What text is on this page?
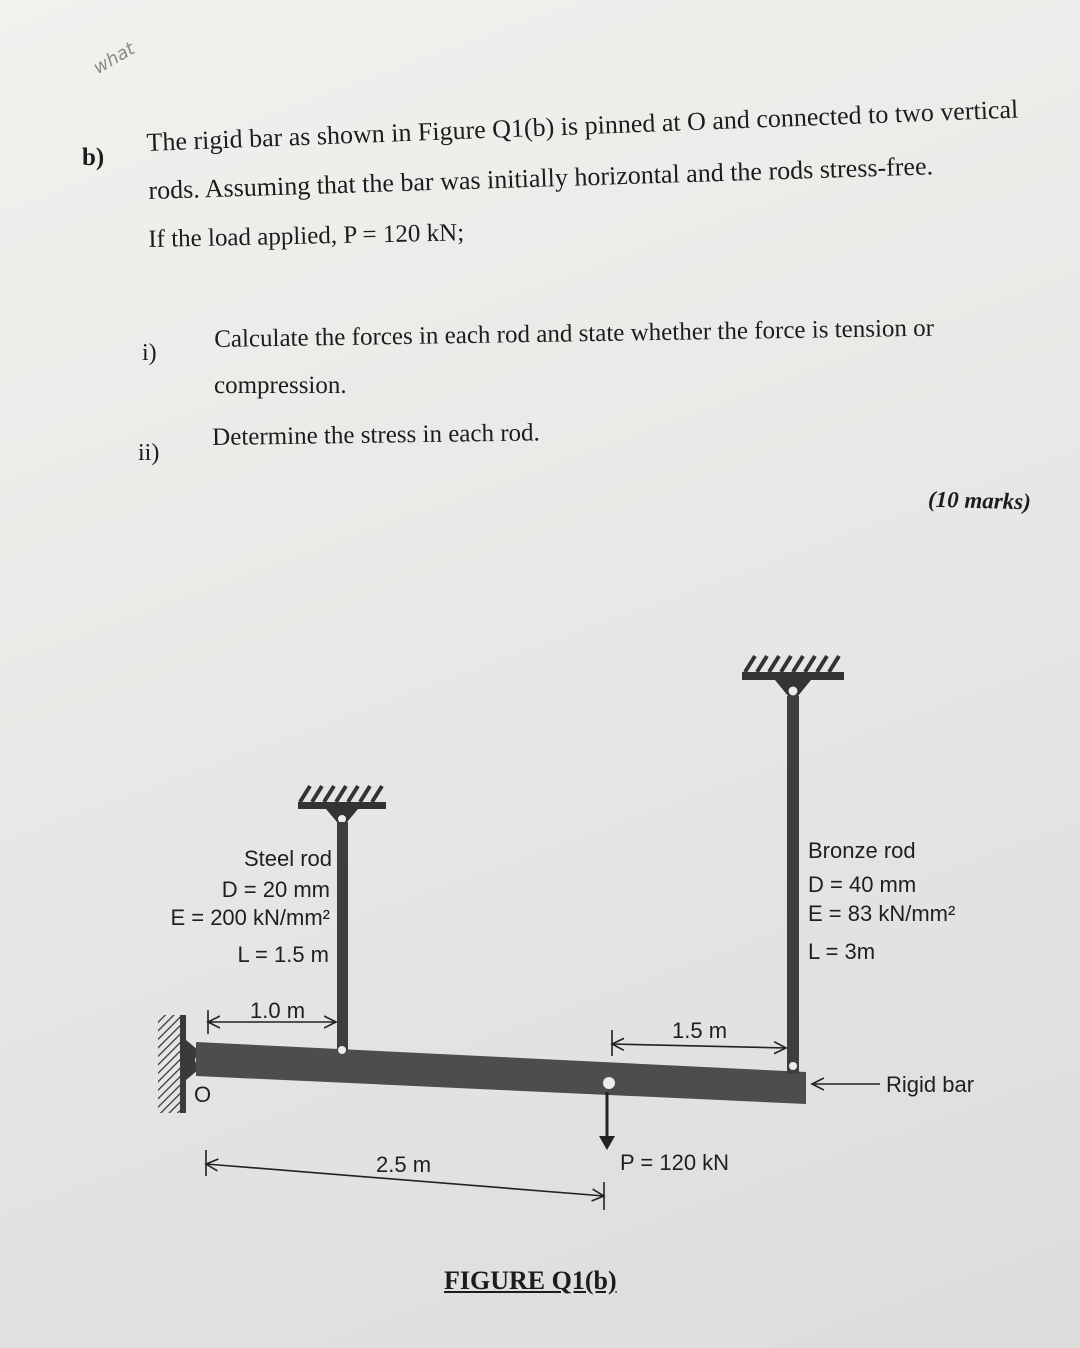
what
b)
The rigid bar as shown in Figure Q1(b) is pinned at O and connected to two vertical
rods. Assuming that the bar was initially horizontal and the rods stress-free.
If the load applied, P = 120 kN;
i)
Calculate the forces in each rod and state whether the force is tension or
compression.
ii)
Determine the stress in each rod.
(10 marks)
O
Steel rod
D = 20 mm
E = 200 kN/mm²
L = 1.5 m
Bronze rod
D = 40 mm
E = 83 kN/mm²
L = 3m
1.0 m
1.5 m
P = 120 kN
2.5 m
Rigid bar
FIGURE Q1(b)
